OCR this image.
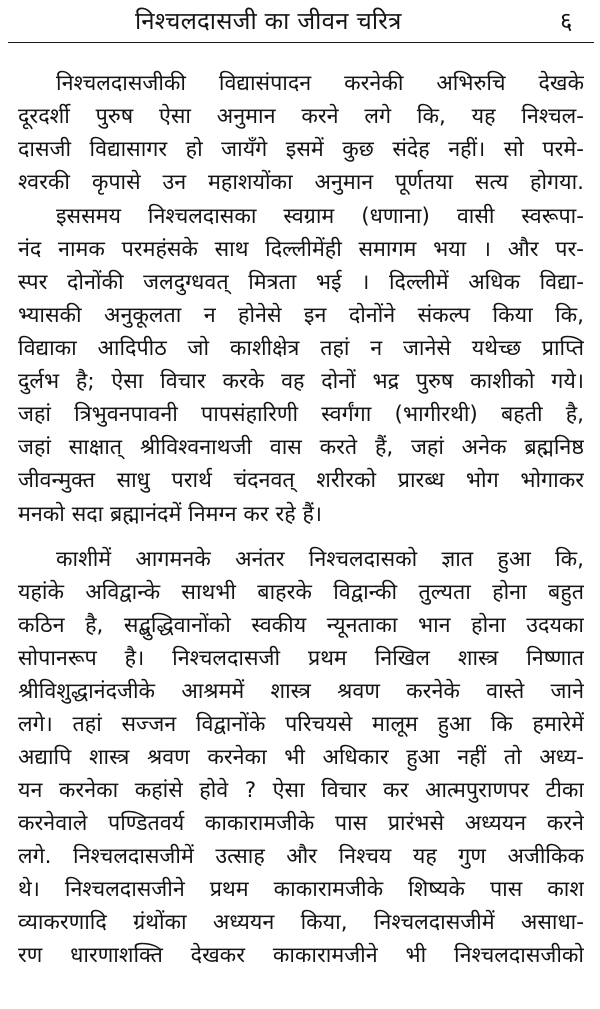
निश्चलदासजी का जीवन चरित्र	६
निश्चलदासजीकी विद्यासंपादन करनेकी अभिरुचि देखके
दूरदर्शी पुरुष ऐसा अनुमान करने लगे कि, यह निश्चल-
दासजी विद्यासागर हो जायँगे इसमें कुछ संदेह नहीं। सो परमे-
श्वरकी कृपासे उन महाशयोंका अनुमान पूर्णतया सत्य होगया.
इससमय निश्चलदासका स्वग्राम (धणाना) वासी स्वरूपा-
नंद नामक परमहंसके साथ दिल्लीमेंही समागम भया । और पर-
स्पर दोनोंकी जलदुग्धवत् मित्रता भई । दिल्लीमें अधिक विद्या-
भ्यासकी अनुकूलता न होनेसे इन दोनोंने संकल्प किया कि,
विद्याका आदिपीठ जो काशीक्षेत्र तहां न जानेसे यथेच्छ प्राप्ति
दुर्लभ है; ऐसा विचार करके वह दोनों भद्र पुरुष काशीको गये।
जहां त्रिभुवनपावनी पापसंहारिणी स्वर्गंगा (भागीरथी) बहती है,
जहां साक्षात् श्रीविश्वनाथजी वास करते हैं, जहां अनेक ब्रह्मनिष्ठ
जीवन्मुक्त साधु परार्थ चंदनवत् शरीरको प्रारब्ध भोग भोगाकर
मनको सदा ब्रह्मानंदमें निमग्न कर रहे हैं।
काशीमें आगमनके अनंतर निश्चलदासको ज्ञात हुआ कि,
यहांके अविद्वान्के साथभी बाहरके विद्वान्की तुल्यता होना बहुत
कठिन है, सद्बुद्धिवानोंको स्वकीय न्यूनताका भान होना उदयका
सोपानरूप है। निश्चलदासजी प्रथम निखिल शास्त्र निष्णात
श्रीविशुद्धानंदजीके आश्रममें शास्त्र श्रवण करनेके वास्ते जाने
लगे। तहां सज्जन विद्वानोंके परिचयसे मालूम हुआ कि हमारेमें
अद्यापि शास्त्र श्रवण करनेका भी अधिकार हुआ नहीं तो अध्य-
यन करनेका कहांसे होवे ? ऐसा विचार कर आत्मपुराणपर टीका
करनेवाले पण्डितवर्य काकारामजीके पास प्रारंभसे अध्ययन करने
लगे. निश्चलदासजीमें उत्साह और निश्चय यह गुण अजीकिक
थे। निश्चलदासजीने प्रथम काकारामजीके शिष्यके पास काश
व्याकरणादि ग्रंथोंका अध्ययन किया, निश्चलदासजीमें असाधा-
रण धारणाशक्ति देखकर काकारामजीने भी निश्चलदासजीको
